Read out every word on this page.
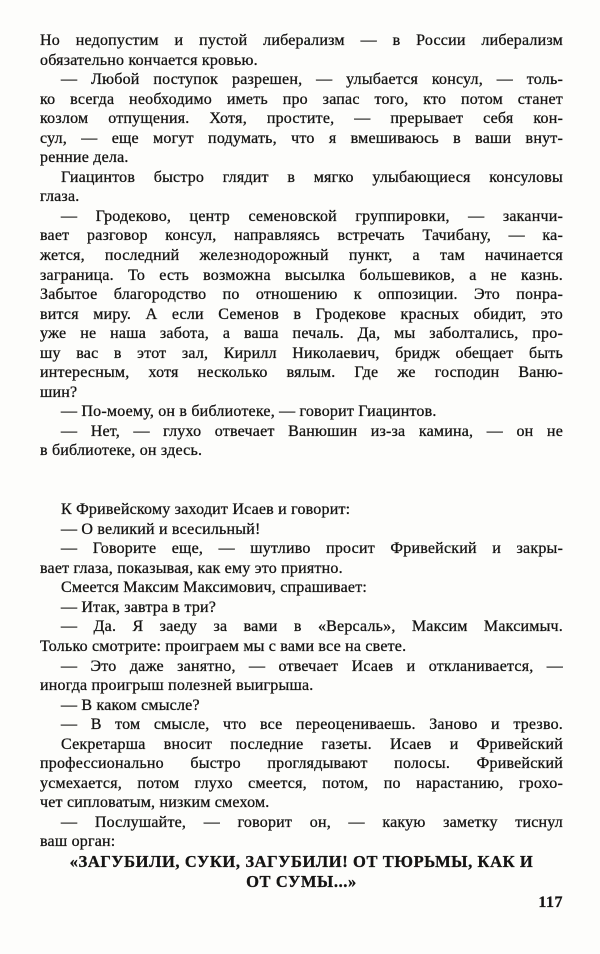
Но недопустим и пустой либерализм — в России либерализм
обязательно кончается кровью.
— Любой поступок разрешен, — улыбается консул, — толь-
ко всегда необходимо иметь про запас того, кто потом станет
козлом отпущения. Хотя, простите, — прерывает себя кон-
сул, — еще могут подумать, что я вмешиваюсь в ваши внут-
ренние дела.
Гиацинтов быстро глядит в мягко улыбающиеся консуловы
глаза.
— Гродеково, центр семеновской группировки, — заканчи-
вает разговор консул, направляясь встречать Тачибану, — ка-
жется, последний железнодорожный пункт, а там начинается
заграница. То есть возможна высылка большевиков, а не казнь.
Забытое благородство по отношению к оппозиции. Это понра-
вится миру. А если Семенов в Гродекове красных обидит, это
уже не наша забота, а ваша печаль. Да, мы заболтались, про-
шу вас в этот зал, Кирилл Николаевич, бридж обещает быть
интересным, хотя несколько вялым. Где же господин Ваню-
шин?
— По-моему, он в библиотеке, — говорит Гиацинтов.
— Нет, — глухо отвечает Ванюшин из-за камина, — он не
в библиотеке, он здесь.
К Фривейскому заходит Исаев и говорит:
— О великий и всесильный!
— Говорите еще, — шутливо просит Фривейский и закры-
вает глаза, показывая, как ему это приятно.
Смеется Максим Максимович, спрашивает:
— Итак, завтра в три?
— Да. Я заеду за вами в «Версаль», Максим Максимыч.
Только смотрите: проиграем мы с вами все на свете.
— Это даже занятно, — отвечает Исаев и откланивается, —
иногда проигрыш полезней выигрыша.
— В каком смысле?
— В том смысле, что все переоцениваешь. Заново и трезво.
Секретарша вносит последние газеты. Исаев и Фривейский
профессионально быстро проглядывают полосы. Фривейский
усмехается, потом глухо смеется, потом, по нарастанию, грохо-
чет сипловатым, низким смехом.
— Послушайте, — говорит он, — какую заметку тиснул
ваш орган:
«ЗАГУБИЛИ, СУКИ, ЗАГУБИЛИ! ОТ ТЮРЬМЫ, КАК И
ОТ СУМЫ...»
117
